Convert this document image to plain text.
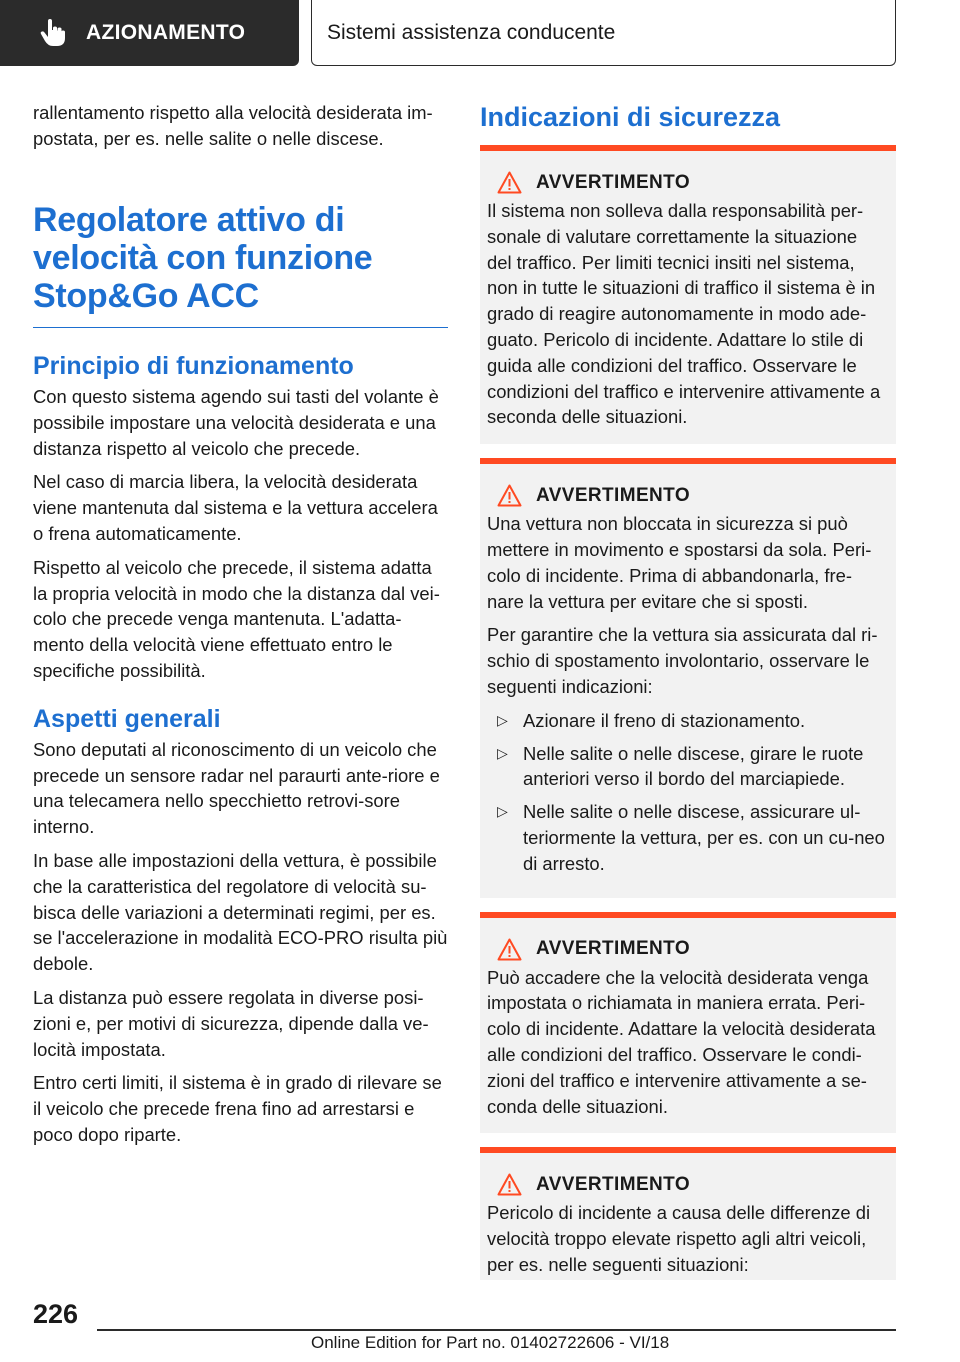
AZIONAMENTO	Sistemi assistenza conducente

rallentamento rispetto alla velocità desiderata im-postata, per es. nelle salite o nelle discese.

Regolatore attivo di velocità con funzione Stop&Go ACC
Principio di funzionamento

Con questo sistema agendo sui tasti del volante è possibile impostare una velocità desiderata e una distanza rispetto al veicolo che precede.

Nel caso di marcia libera, la velocità desiderata viene mantenuta dal sistema e la vettura accelera o frena automaticamente.

Rispetto al veicolo che precede, il sistema adatta la propria velocità in modo che la distanza dal vei-colo che precede venga mantenuta. L'adatta-mento della velocità viene effettuato entro le specifiche possibilità.

Aspetti generali

Sono deputati al riconoscimento di un veicolo che precede un sensore radar nel paraurti ante-riore e una telecamera nello specchietto retrovi-sore interno.

In base alle impostazioni della vettura, è possibile che la caratteristica del regolatore di velocità su-bisca delle variazioni a determinati regimi, per es. se l'accelerazione in modalità ECO-PRO risulta più debole.

La distanza può essere regolata in diverse posi-zioni e, per motivi di sicurezza, dipende dalla ve-locità impostata.

Entro certi limiti, il sistema è in grado di rilevare se il veicolo che precede frena fino ad arrestarsi e poco dopo riparte.

Indicazioni di sicurezza
AVVERTIMENTO

Il sistema non solleva dalla responsabilità per-sonale di valutare correttamente la situazione del traffico. Per limiti tecnici insiti nel sistema, non in tutte le situazioni di traffico il sistema è in grado di reagire autonomamente in modo ade-guato. Pericolo di incidente. Adattare lo stile di guida alle condizioni del traffico. Osservare le condizioni del traffico e intervenire attivamente a seconda delle situazioni.

AVVERTIMENTO

Una vettura non bloccata in sicurezza si può mettere in movimento e spostarsi da sola. Peri-colo di incidente. Prima di abbandonarla, fre-nare la vettura per evitare che si sposti.

Per garantire che la vettura sia assicurata dal ri-schio di spostamento involontario, osservare le seguenti indicazioni:

▷ Azionare il freno di stazionamento.
▷ Nelle salite o nelle discese, girare le ruote anteriori verso il bordo del marciapiede.
▷ Nelle salite o nelle discese, assicurare ul-teriormente la vettura, per es. con un cu-neo di arresto.
AVVERTIMENTO

Può accadere che la velocità desiderata venga impostata o richiamata in maniera errata. Peri-colo di incidente. Adattare la velocità desiderata alle condizioni del traffico. Osservare le condi-zioni del traffico e intervenire attivamente a se-conda delle situazioni.

AVVERTIMENTO

Pericolo di incidente a causa delle differenze di velocità troppo elevate rispetto agli altri veicoli, per es. nelle seguenti situazioni:

226
Online Edition for Part no. 01402722606 - VI/18
